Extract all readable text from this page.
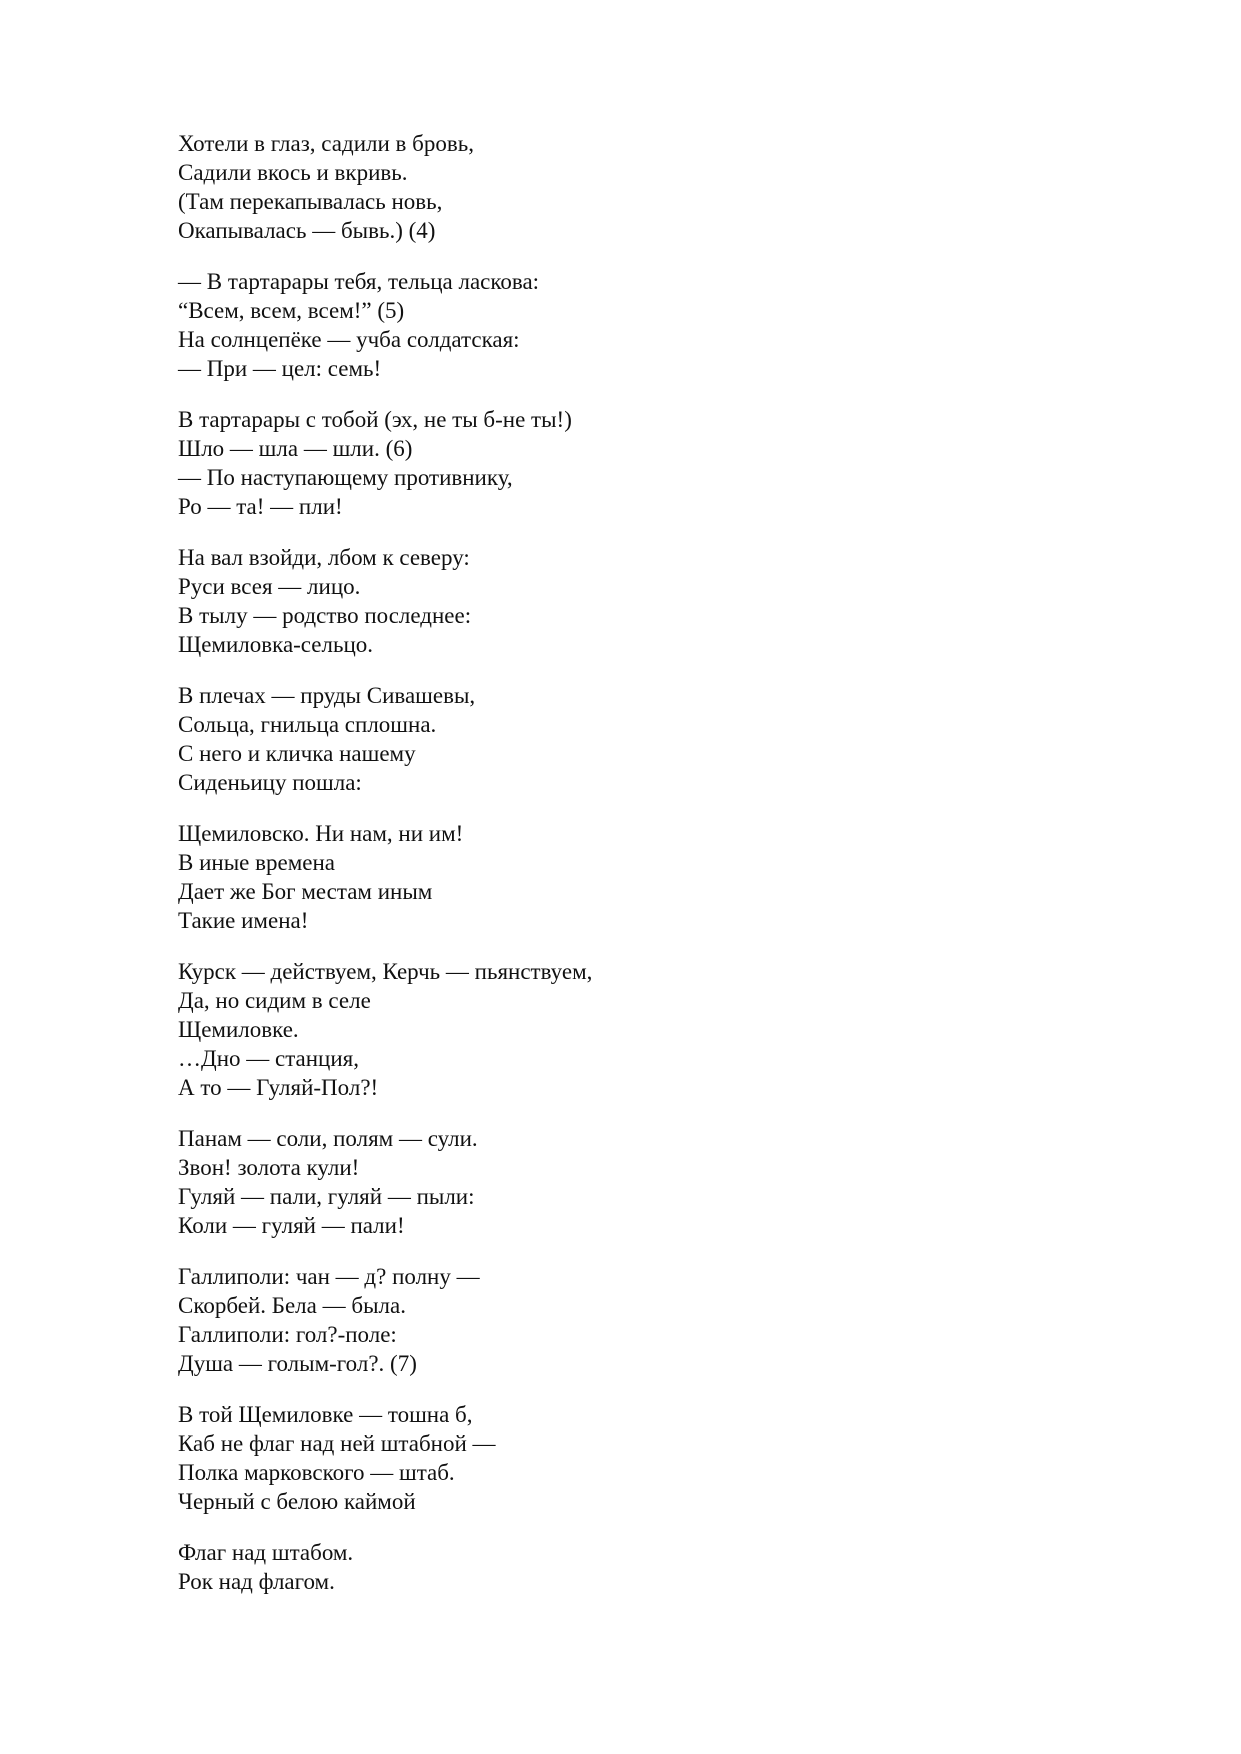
Хотели в глаз, садили в бровь,
Садили вкось и вкривь.
(Там перекапывалась новь,
Окапывалась — бывь.) (4)
— В тартарары тебя, тельца ласкова:
“Всем, всем, всем!” (5)
На солнцепёке — учба солдатская:
— При — цел: семь!
В тартарары с тобой (эх, не ты б-не ты!)
Шло — шла — шли. (6)
— По наступающему противнику,
Ро — та! — пли!
На вал взойди, лбом к северу:
Руси всея — лицо.
В тылу — родство последнее:
Щемиловка-сельцо.
В плечах — пруды Сивашевы,
Сольца, гнильца сплошна.
С него и кличка нашему
Сиденьицу пошла:
Щемиловско. Ни нам, ни им!
В иные времена
Дает же Бог местам иным
Такие имена!
Курск — действуем, Керчь — пьянствуем,
Да, но сидим в селе
Щемиловке.
…Дно — станция,
А то — Гуляй-Пол?!
Панам — соли, полям — сули.
Звон! золота кули!
Гуляй — пали, гуляй — пыли:
Коли — гуляй — пали!
Галлиполи: чан — д? полну —
Скорбей. Бела — была.
Галлиполи: гол?-поле:
Душа — голым-гол?. (7)
В той Щемиловке — тошна б,
Каб не флаг над ней штабной —
Полка марковского — штаб.
Черный с белою каймой
Флаг над штабом.
Рок над флагом.
